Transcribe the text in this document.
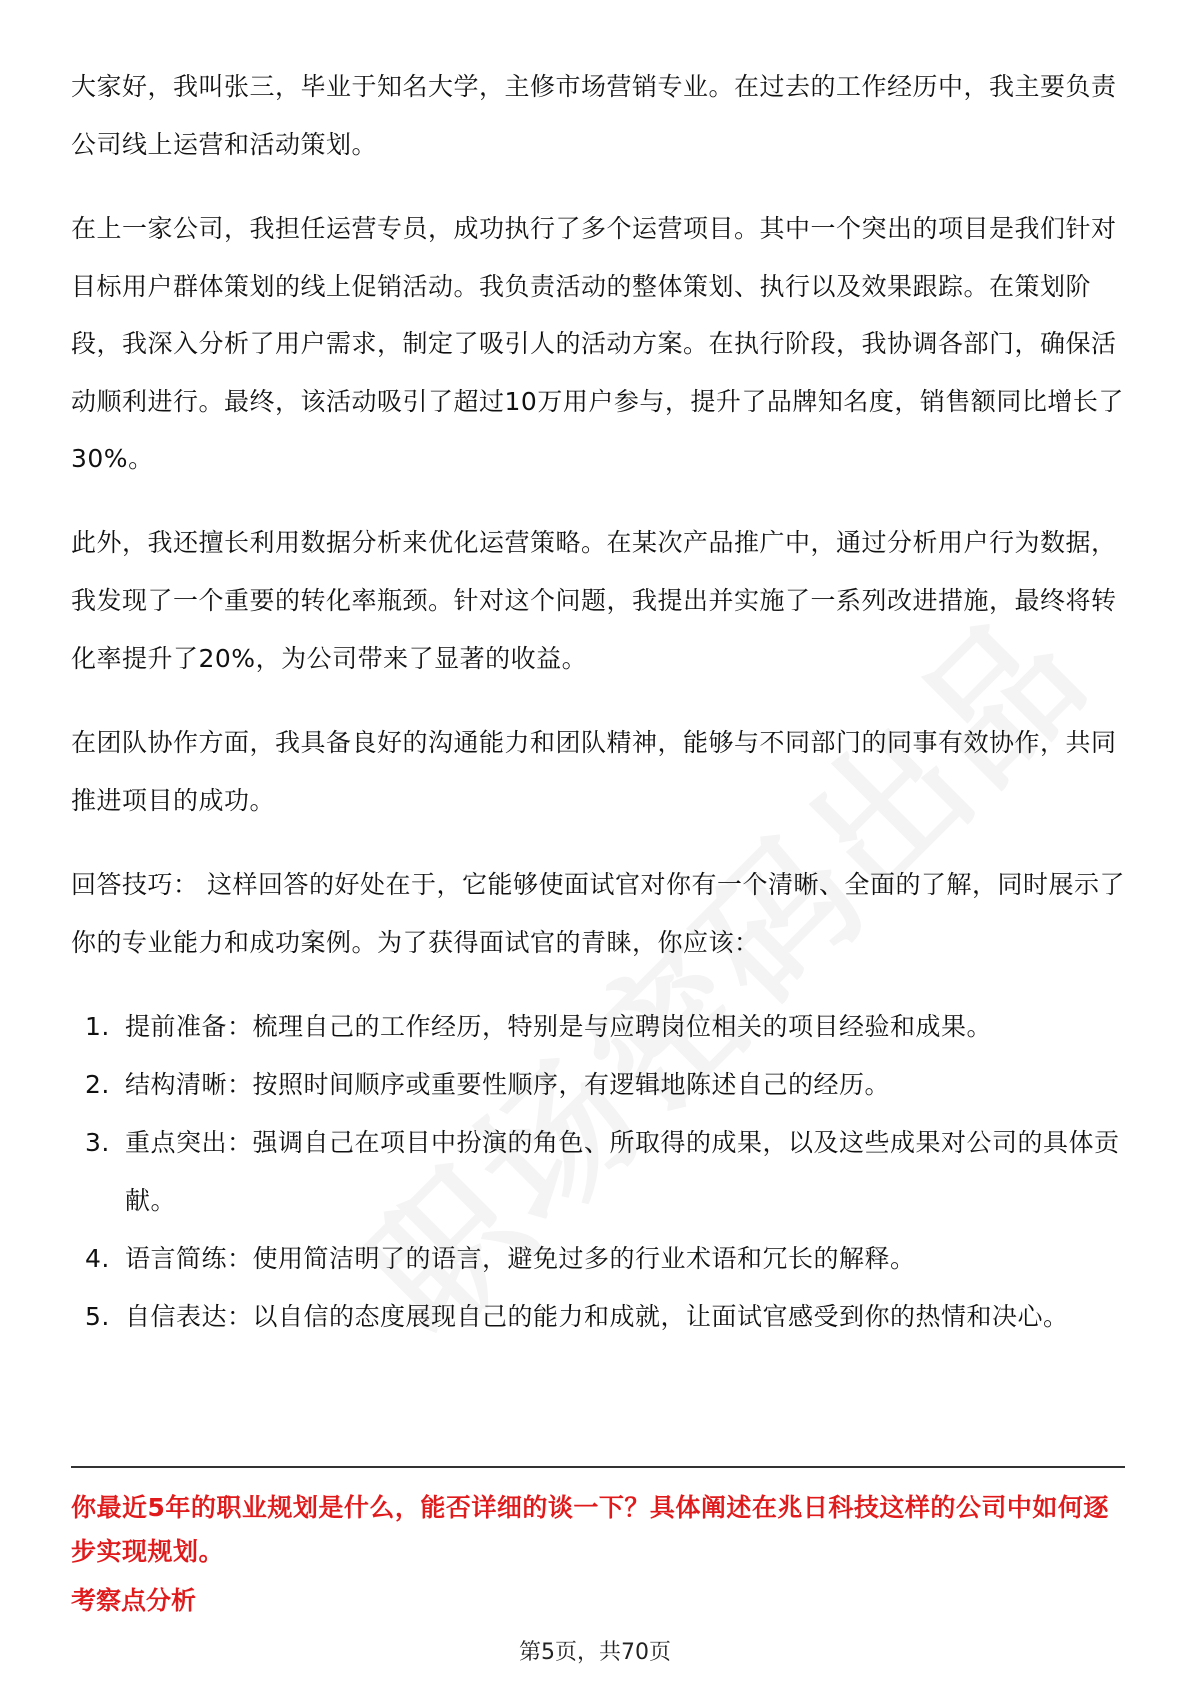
大家好，我叫张三，毕业于知名大学，主修市场营销专业。在过去的工作经历中，我主要负责公司线上运营和活动策划。

在上一家公司，我担任运营专员，成功执行了多个运营项目。其中一个突出的项目是我们针对目标用户群体策划的线上促销活动。我负责活动的整体策划、执行以及效果跟踪。在策划阶段，我深入分析了用户需求，制定了吸引人的活动方案。在执行阶段，我协调各部门，确保活动顺利进行。最终，该活动吸引了超过10万用户参与，提升了品牌知名度，销售额同比增长了30%。

此外，我还擅长利用数据分析来优化运营策略。在某次产品推广中，通过分析用户行为数据，我发现了一个重要的转化率瓶颈。针对这个问题，我提出并实施了一系列改进措施，最终将转化率提升了20%，为公司带来了显著的收益。

在团队协作方面，我具备良好的沟通能力和团队精神，能够与不同部门的同事有效协作，共同推进项目的成功。

回答技巧： 这样回答的好处在于，它能够使面试官对你有一个清晰、全面的了解，同时展示了你的专业能力和成功案例。为了获得面试官的青睐，你应该：

1. 提前准备：梳理自己的工作经历，特别是与应聘岗位相关的项目经验和成果。
2. 结构清晰：按照时间顺序或重要性顺序，有逻辑地陈述自己的经历。
3. 重点突出：强调自己在项目中扮演的角色、所取得的成果，以及这些成果对公司的具体贡献。
4. 语言简练：使用简洁明了的语言，避免过多的行业术语和冗长的解释。
5. 自信表达：以自信的态度展现自己的能力和成就，让面试官感受到你的热情和决心。
你最近5年的职业规划是什么，能否详细的谈一下？具体阐述在兆日科技这样的公司中如何逐步实现规划。
考察点分析
第5页，共70页
